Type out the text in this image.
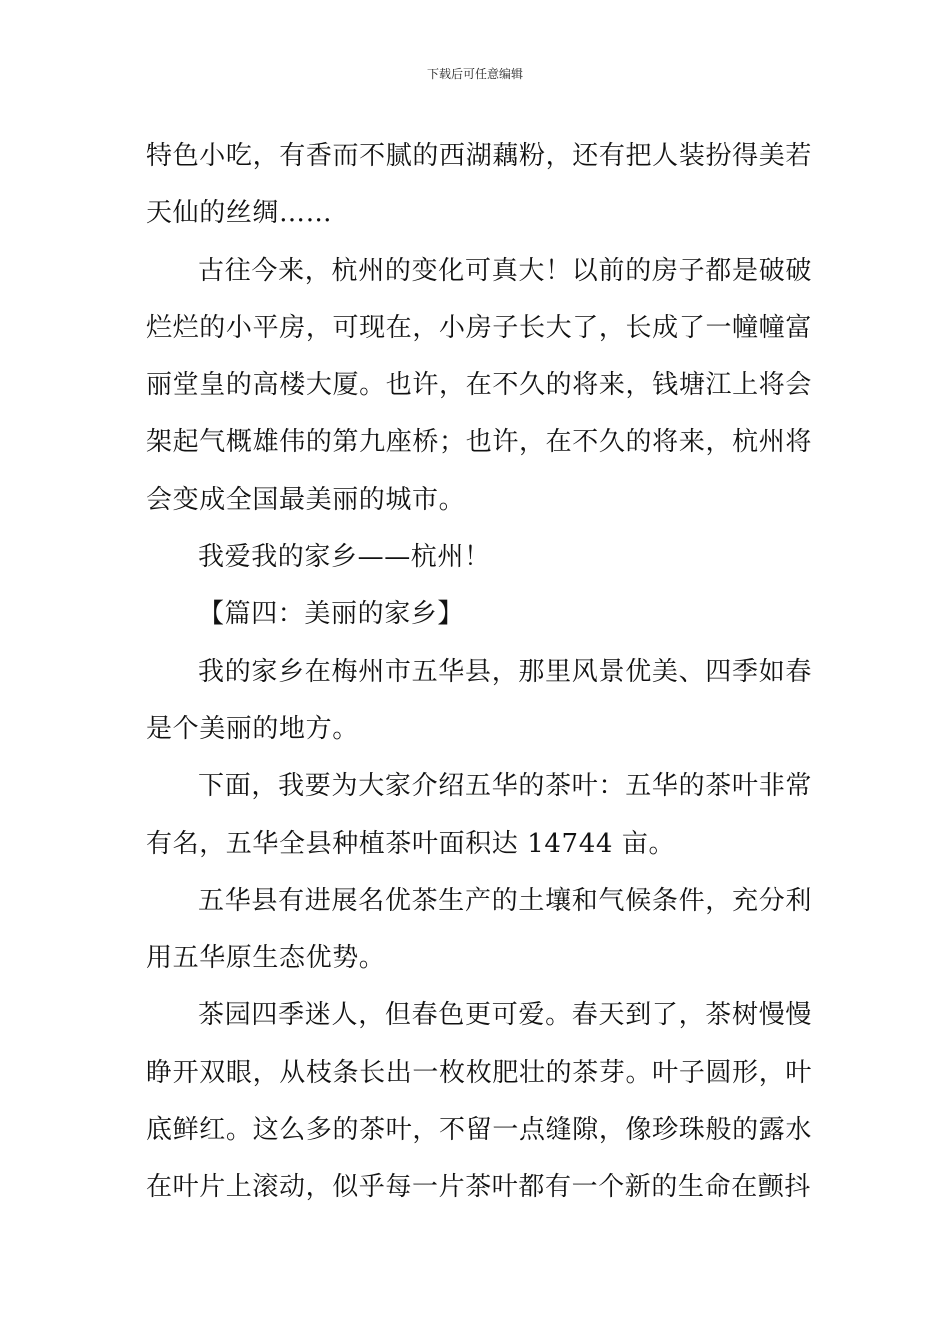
下载后可任意编辑

特色小吃，有香而不腻的西湖藕粉，还有把人装扮得美若天仙的丝绸……

古往今来，杭州的变化可真大！以前的房子都是破破烂烂的小平房，可现在，小房子长大了，长成了一幢幢富丽堂皇的高楼大厦。也许，在不久的将来，钱塘江上将会架起气概雄伟的第九座桥；也许，在不久的将来，杭州将会变成全国最美丽的城市。

我爱我的家乡——杭州！

【篇四：美丽的家乡】

我的家乡在梅州市五华县，那里风景优美、四季如春是个美丽的地方。

下面，我要为大家介绍五华的茶叶：五华的茶叶非常有名，五华全县种植茶叶面积达 14744 亩。

五华县有进展名优茶生产的土壤和气候条件，充分利用五华原生态优势。

茶园四季迷人，但春色更可爱。春天到了，茶树慢慢睁开双眼，从枝条长出一枚枚肥壮的茶芽。叶子圆形，叶底鲜红。这么多的茶叶，不留一点缝隙，像珍珠般的露水在叶片上滚动，似乎每一片茶叶都有一个新的生命在颤抖
